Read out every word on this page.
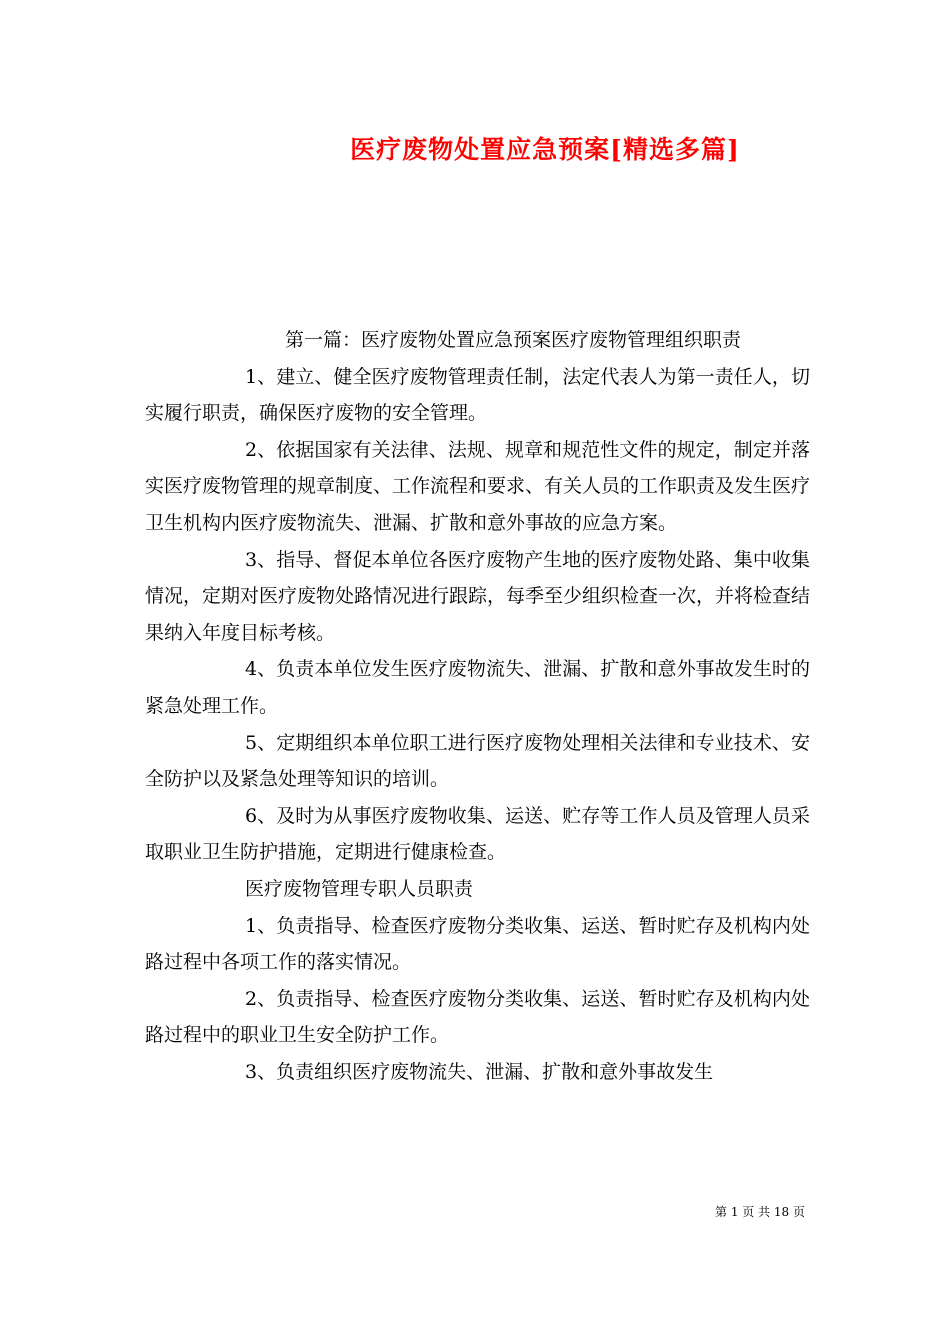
医疗废物处置应急预案[精选多篇]

第一篇：医疗废物处置应急预案医疗废物管理组织职责

1、建立、健全医疗废物管理责任制，法定代表人为第一责任人，切实履行职责，确保医疗废物的安全管理。

2、依据国家有关法律、法规、规章和规范性文件的规定，制定并落实医疗废物管理的规章制度、工作流程和要求、有关人员的工作职责及发生医疗卫生机构内医疗废物流失、泄漏、扩散和意外事故的应急方案。

3、指导、督促本单位各医疗废物产生地的医疗废物处路、集中收集情况，定期对医疗废物处路情况进行跟踪，每季至少组织检查一次，并将检查结果纳入年度目标考核。

4、负责本单位发生医疗废物流失、泄漏、扩散和意外事故发生时的紧急处理工作。

5、定期组织本单位职工进行医疗废物处理相关法律和专业技术、安全防护以及紧急处理等知识的培训。

6、及时为从事医疗废物收集、运送、贮存等工作人员及管理人员采取职业卫生防护措施，定期进行健康检查。

医疗废物管理专职人员职责

1、负责指导、检查医疗废物分类收集、运送、暂时贮存及机构内处路过程中各项工作的落实情况。

2、负责指导、检查医疗废物分类收集、运送、暂时贮存及机构内处路过程中的职业卫生安全防护工作。

3、负责组织医疗废物流失、泄漏、扩散和意外事故发生

第 1 页 共 18 页
